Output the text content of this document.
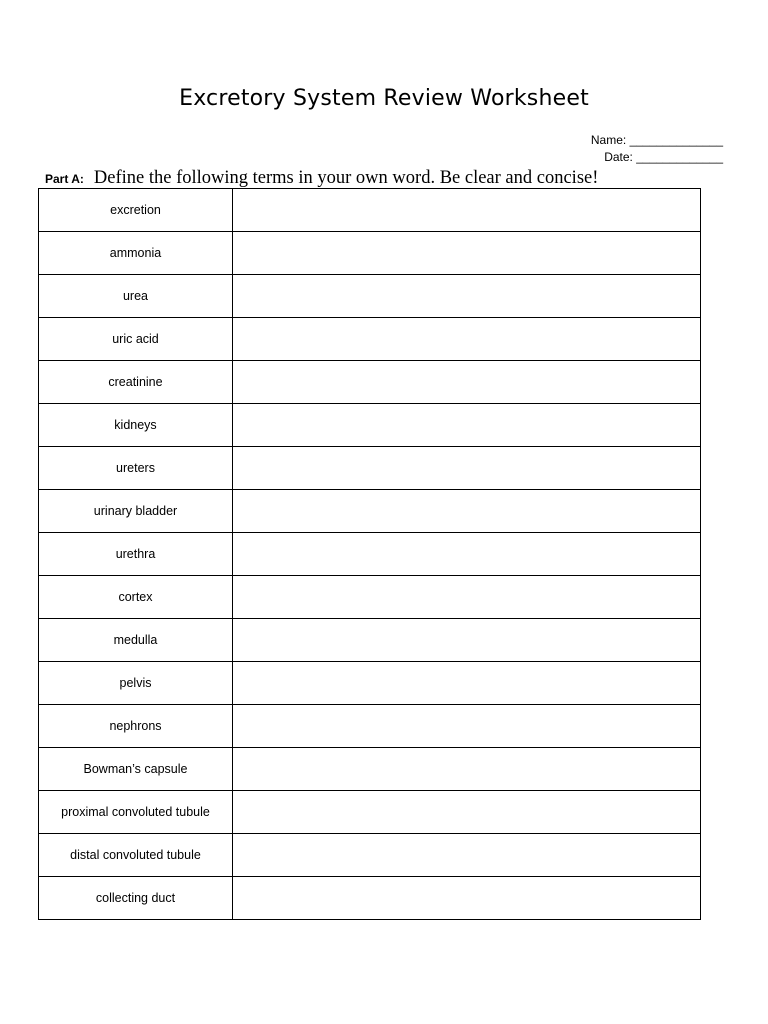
Excretory System Review Worksheet
Name: ______________
Date: _____________
Part A: Define the following terms in your own word. Be clear and concise!
excretion	
ammonia	
urea	
uric acid	
creatinine	
kidneys	
ureters	
urinary bladder	
urethra	
cortex	
medulla	
pelvis	
nephrons	
Bowman’s capsule	
proximal convoluted tubule	
distal convoluted tubule	
collecting duct	
